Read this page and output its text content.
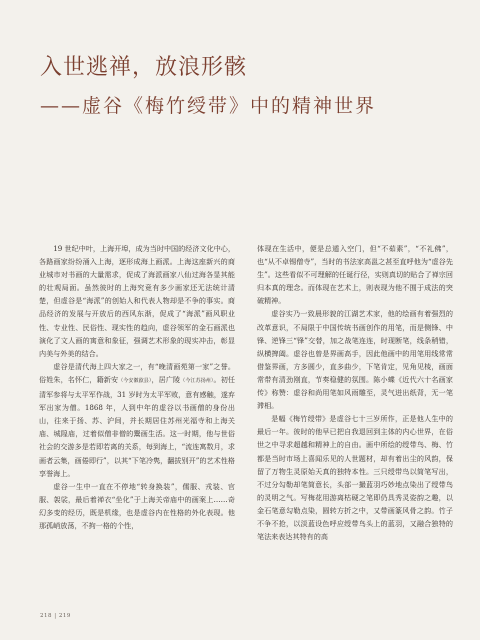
入世逃禅，放浪形骸
——虚谷《梅竹绶带》中的精神世界

19 世纪中叶，上海开埠，成为当时中国的经济文化中心，各路画家纷纷涌入上海，逐形成海上画派。上海这座新兴的商业城市对书画的大量需求，促成了海派画家八仙过海各显其能的壮观局面。虽然彼时的上海究竟有多少画家还无法统计清楚，但虚谷是“海派”的创始人和代表人物却是不争的事实。商品经济的发展与开放后的西风东渐，促成了“海派”画风职业性、专业性、民俗性、现实性的趋向，虚谷领军的金石画派也演化了文人画的寓意和象征，强调艺术形象的现实冲击，彰显内美与外美的结合。

虚谷是清代海上四大家之一，有“晚清画苑第一家”之誉。俗姓朱，名怀仁，籍新安（今安徽歙县），居广陵（今江苏扬州）。初任清军参将与太平军作战，31 岁时为太平军败，意有感触，遂弃军出家为僧。1868 年，人到中年的虚谷以书画僧的身份出山，往来于扬、苏、沪间，并长期居住苏州光福寺和上海关庙、城隍庙，过着似僧非僧的鬻画生活。这一时期，他与世俗社会的交游多是若即若离的关系，每到海上，“流连寓数月，求画者云集，画倦即行”，以其“下笔冷隽，翻拔别开”的艺术性格享誉海上。

虚谷一生中一直在不停地“转身换装”，儒服、戎装、官服、袈裟，最后着禅衣“坐化”于上海关帝庙中的画案上……奇幻多变的经历，既是机缘，也是虚谷内在性格的外化表现。他那孤峭放荡，不拘一格的个性，

体现在生活中，便是总遁入空门，但“不茹素”，“不礼佛”，也“从不卓锡僧寺”，当时的书法家高邕之甚至直呼他为“虚谷先生”。这些看似不可理解的任诞行径，实则真切的贴合了禅宗回归本真的理念。而体现在艺术上，则表现为他不囿于成法的突破精神。

虚谷实乃一致晨形貌的江湖艺术家，他的绘画有着强烈的改革意识，不局限于中国传统书画创作的用笔，而是侧锋、中锋、逆锋三“锋”交替，加之战笔连连，时现断笔，线条稍错，纵横捭阖。虚谷也曾是界画高手，因此他画中的用笔用线常常借鉴界画，方多圆少，直多曲少，下笔肯定，见角见棱，画面常带有清劲刚直，节奏稳健的氛围。陈小蝶《近代六十名画家传》称赞：虚谷和尚用笔如风雨雕至，灵气迸出纸背，无一笔滞相。

是幅《梅竹绶带》是虚谷七十三岁所作，正是他人生中的最后一年。彼时的他早已把自我退回到主体的内心世界，在俗世之中寻求超越和精神上的自由。画中所绘的绶带鸟、梅、竹都是当时市场上喜闻乐见的人世题材，却有着出尘的风韵，保留了万物生灵原始天真的独特本性。三只绶带鸟以简笔写出，不过分勾勒却笔简意长，头部一撮蓝羽巧妙地点染出了绶带鸟的灵明之气。写梅花用游离枯硬之笔即仍具秀灵姿韵之趣，以金石笔意勾勒点染，圆转方折之中，又带画篆风骨之韵。竹子不争不抢，以淡蓝设色呼应绶带鸟头上的蓝羽，又融合独特的笔法来表达其特有的高

218 | 219
